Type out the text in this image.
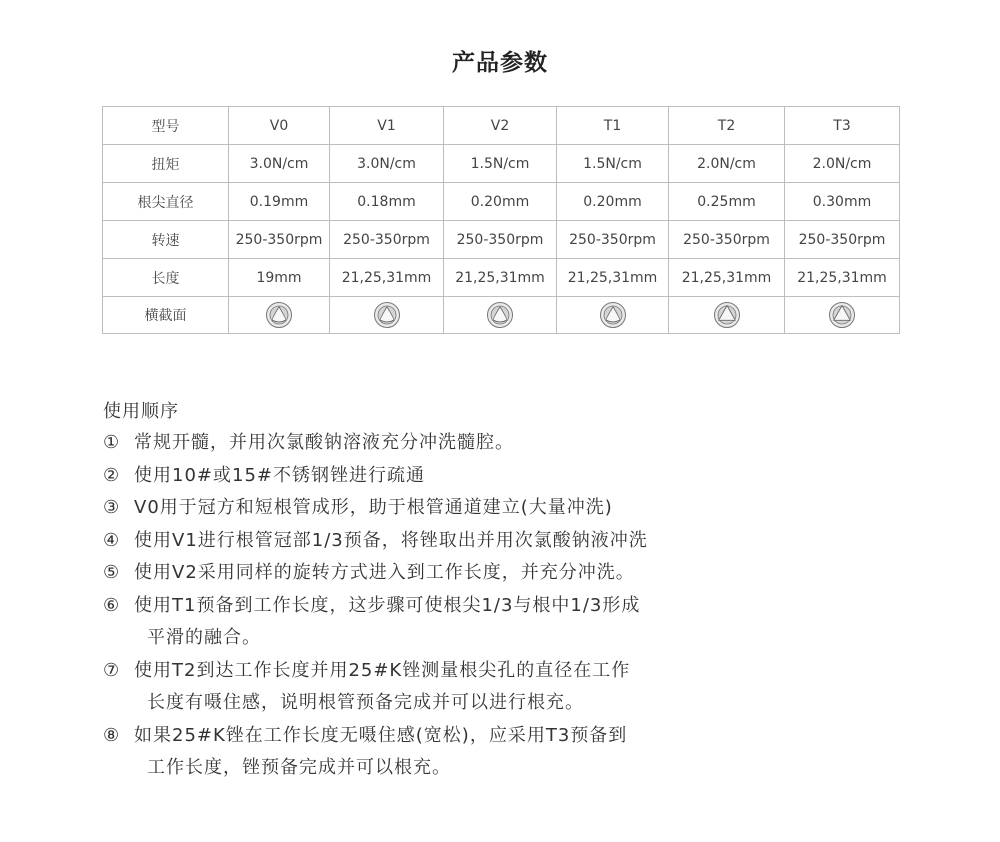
产品参数
型号	V0	V1	V2	T1	T2	T3
扭矩	3.0N/cm	3.0N/cm	1.5N/cm	1.5N/cm	2.0N/cm	2.0N/cm
根尖直径	0.19mm	0.18mm	0.20mm	0.20mm	0.25mm	0.30mm
转速	250-350rpm	250-350rpm	250-350rpm	250-350rpm	250-350rpm	250-350rpm
长度	19mm	21,25,31mm	21,25,31mm	21,25,31mm	21,25,31mm	21,25,31mm
横截面	

使用顺序
① 常规开髓，并用次氯酸钠溶液充分冲洗髓腔。
② 使用10#或15#不锈钢锉进行疏通
③ V0用于冠方和短根管成形，助于根管通道建立(大量冲洗)
④ 使用V1进行根管冠部1/3预备，将锉取出并用次氯酸钠液冲洗
⑤ 使用V2采用同样的旋转方式进入到工作长度，并充分冲洗。
⑥ 使用T1预备到工作长度，这步骤可使根尖1/3与根中1/3形成
平滑的融合。
⑦ 使用T2到达工作长度并用25#K锉测量根尖孔的直径在工作
长度有嗫住感，说明根管预备完成并可以进行根充。
⑧ 如果25#K锉在工作长度无嗫住感(宽松)，应采用T3预备到
工作长度，锉预备完成并可以根充。
